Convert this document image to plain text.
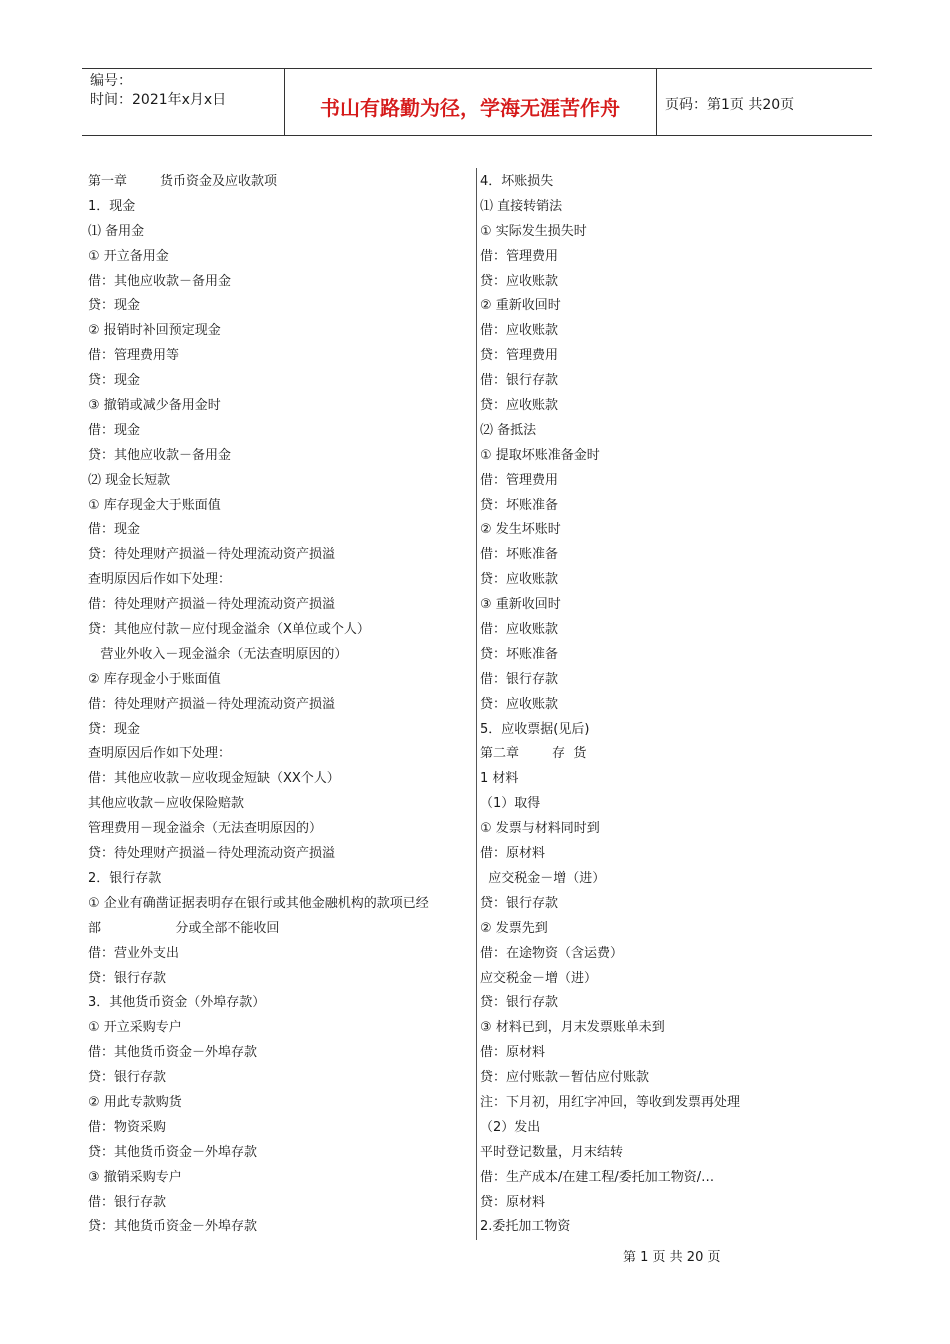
编号：
时间：2021年x月x日	书山有路勤为径，学海无涯苦作舟	页码：第1页 共20页
第一章        货币资金及应收款项
1．现金
⑴ 备用金
① 开立备用金
借：其他应收款－备用金
贷：现金
② 报销时补回预定现金
借：管理费用等
贷：现金
③ 撤销或减少备用金时
借：现金
贷：其他应收款－备用金
⑵ 现金长短款
① 库存现金大于账面值
借：现金
贷：待处理财产损溢－待处理流动资产损溢
查明原因后作如下处理：
借：待处理财产损溢－待处理流动资产损溢
贷：其他应付款－应付现金溢余（X单位或个人）
营业外收入－现金溢余（无法查明原因的）
② 库存现金小于账面值
借：待处理财产损溢－待处理流动资产损溢
贷：现金
查明原因后作如下处理：
借：其他应收款－应收现金短缺（XX个人）
其他应收款－应收保险赔款
管理费用－现金溢余（无法查明原因的）
贷：待处理财产损溢－待处理流动资产损溢
2．银行存款
① 企业有确凿证据表明存在银行或其他金融机构的款项已经
部                  分或全部不能收回
借：营业外支出
贷：银行存款
3．其他货币资金（外埠存款）
① 开立采购专户
借：其他货币资金－外埠存款
贷：银行存款
② 用此专款购货
借：物资采购
贷：其他货币资金－外埠存款
③ 撤销采购专户
借：银行存款
贷：其他货币资金－外埠存款
4．坏账损失
⑴ 直接转销法
① 实际发生损失时
借：管理费用
贷：应收账款
② 重新收回时
借：应收账款
贷：管理费用
借：银行存款
贷：应收账款
⑵ 备抵法
① 提取坏账准备金时
借：管理费用
贷：坏账准备
② 发生坏账时
借：坏账准备
贷：应收账款
③ 重新收回时
借：应收账款
贷：坏账准备
借：银行存款
贷：应收账款
5．应收票据(见后)
第二章        存  货
1 材料
（1）取得
① 发票与材料同时到
借：原材料
应交税金－增（进）
贷：银行存款
② 发票先到
借：在途物资（含运费）
应交税金－增（进）
贷：银行存款
③ 材料已到，月末发票账单未到
借：原材料
贷：应付账款－暂估应付账款
注：下月初，用红字冲回，等收到发票再处理
（2）发出
平时登记数量，月末结转
借：生产成本/在建工程/委托加工物资/…
贷：原材料
2.委托加工物资
第 1 页 共 20 页
